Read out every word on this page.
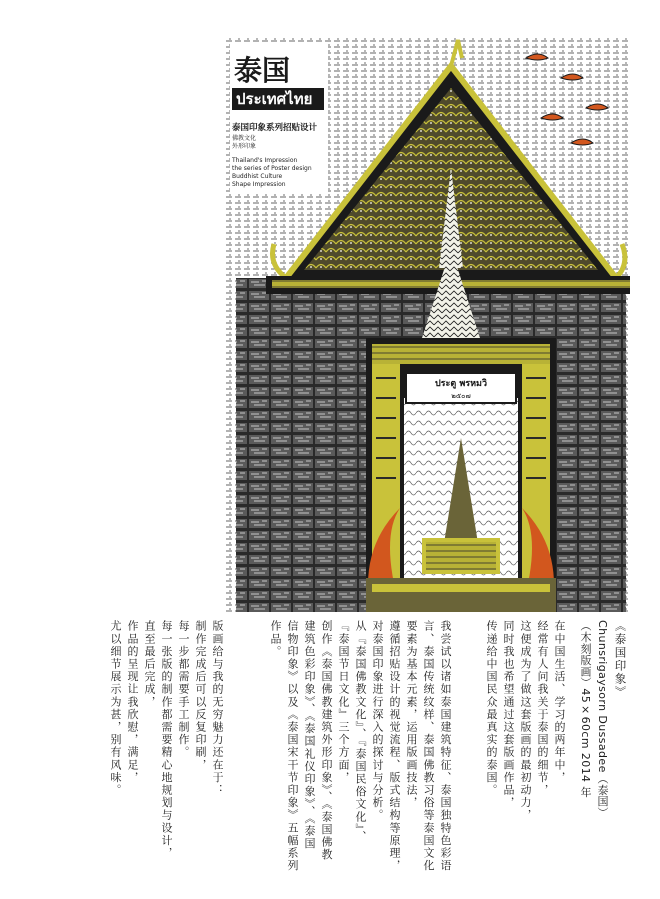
ประตู พรหมวิ
๒๕๐๗
泰国
ประเทศไทย
泰国印象系列招贴设计
佛教文化
外形印象
Thailand's Impression
the series of Poster design
Buddhist Culture
Shape Impression
《泰国印象》
Chunsrigaysorn Dussadee（泰国）
（木刻版画）45×60cm 2014 年
在中国生活、学习的两年中，
经常有人问我关于泰国的细节，
这便成为了做这套版画的最初动力，
同时我也希望通过这套版画作品，
传递给中国民众最真实的泰国。
我尝试以诸如泰国建筑特征、泰国独特色彩语
言、泰国传统纹样、泰国佛教习俗等泰国文化
要素为基本元素，运用版画技法，
遵循招贴设计的视觉流程、版式结构等原理，
对泰国印象进行深入的探讨与分析。
从『泰国佛教文化』、『泰国民俗文化』、
『泰国节日文化』三个方面，
创作《泰国佛教建筑外形印象》、《泰国佛教
建筑色彩印象》、《泰国礼仪印象》、《泰国
信物印象》以及《泰国宋干节印象》五幅系列
作品。
版画给与我的无穷魅力还在于：
制作完成后可以反复印刷，
每一步都需要手工制作。
每一张版的制作都需要精心地规划与设计，
直至最后完成，
作品的呈现让我欣慰，满足，
尤以细节展示为甚，别有风味。
